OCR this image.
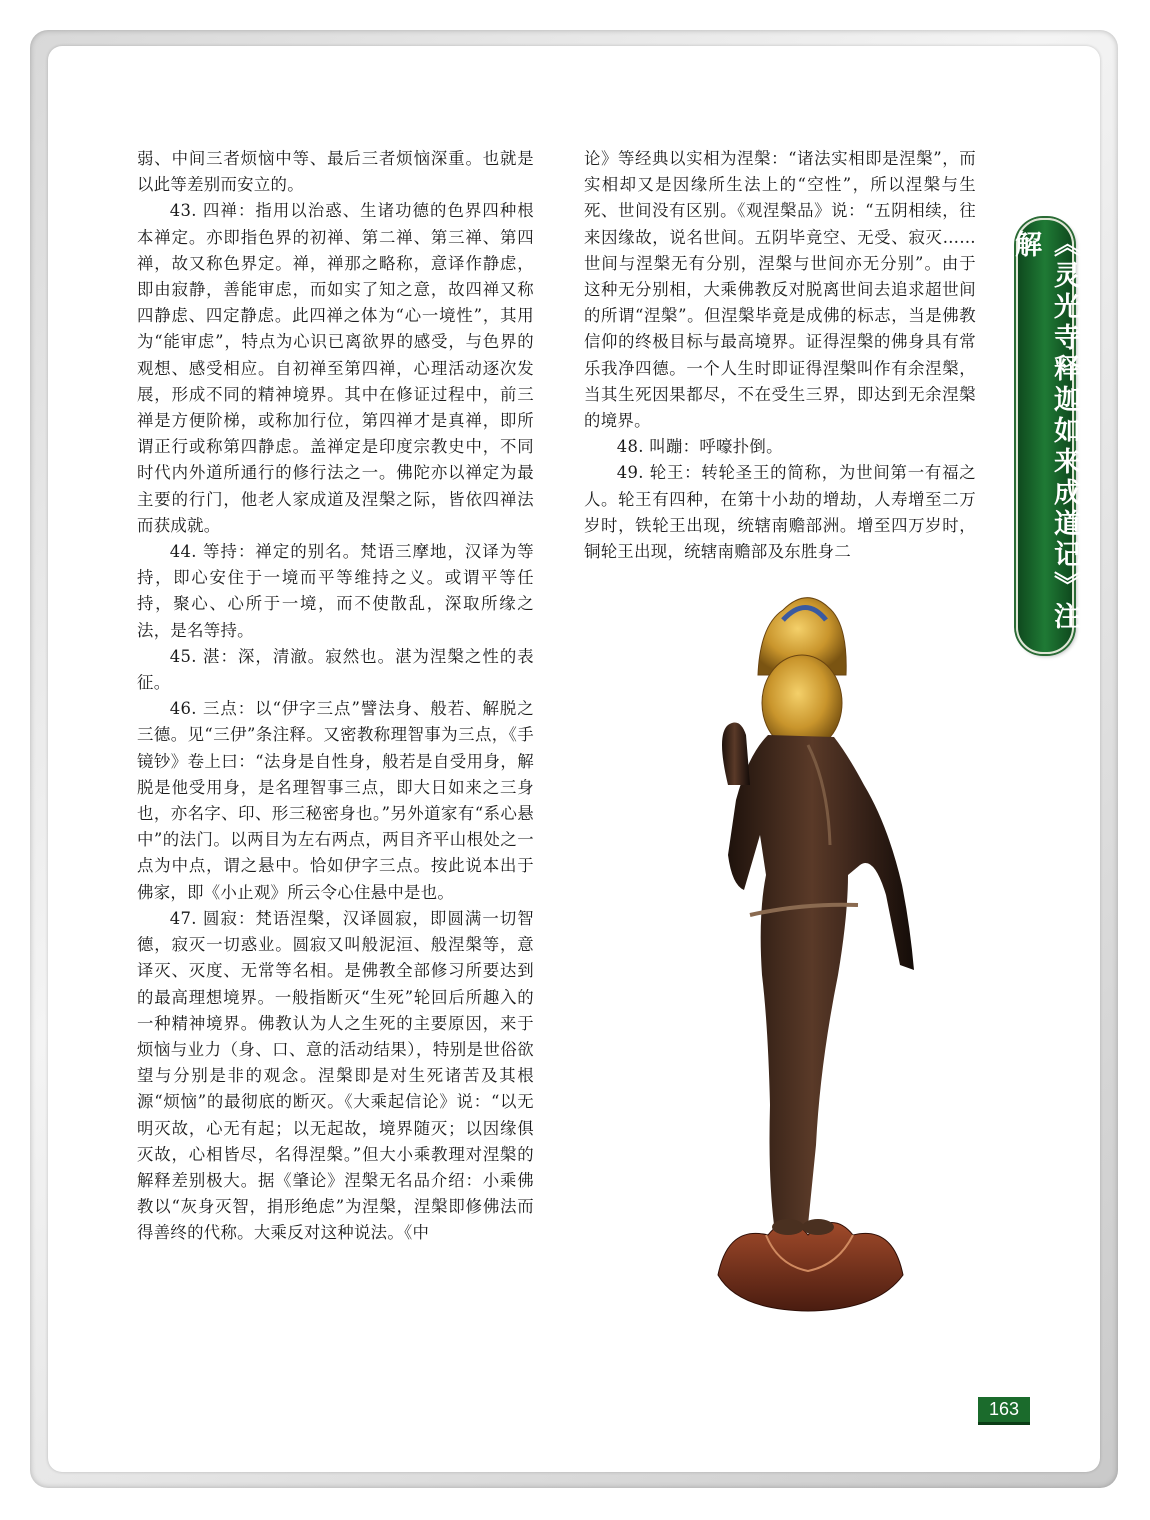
弱、中间三者烦恼中等、最后三者烦恼深重。也就是以此等差别而安立的。

43. 四禅：指用以治惑、生诸功德的色界四种根本禅定。亦即指色界的初禅、第二禅、第三禅、第四禅，故又称色界定。禅，禅那之略称，意译作静虑，即由寂静，善能审虑，而如实了知之意，故四禅又称四静虑、四定静虑。此四禅之体为“心一境性”，其用为“能审虑”，特点为心识已离欲界的感受，与色界的观想、感受相应。自初禅至第四禅，心理活动逐次发展，形成不同的精神境界。其中在修证过程中，前三禅是方便阶梯，或称加行位，第四禅才是真禅，即所谓正行或称第四静虑。盖禅定是印度宗教史中，不同时代内外道所通行的修行法之一。佛陀亦以禅定为最主要的行门，他老人家成道及涅槃之际，皆依四禅法而获成就。

44. 等持：禅定的别名。梵语三摩地，汉译为等持，即心安住于一境而平等维持之义。或谓平等任持，聚心、心所于一境，而不使散乱，深取所缘之法，是名等持。

45. 湛：深，清澈。寂然也。湛为涅槃之性的表征。

46. 三点：以“伊字三点”譬法身、般若、解脱之三德。见“三伊”条注释。又密教称理智事为三点，《手镜钞》卷上曰：“法身是自性身，般若是自受用身，解脱是他受用身，是名理智事三点，即大日如来之三身也，亦名字、印、形三秘密身也。”另外道家有“系心悬中”的法门。以两目为左右两点，两目齐平山根处之一点为中点，谓之悬中。恰如伊字三点。按此说本出于佛家，即《小止观》所云令心住悬中是也。

47. 圆寂：梵语涅槃，汉译圆寂，即圆满一切智德，寂灭一切惑业。圆寂又叫般泥洹、般涅槃等，意译灭、灭度、无常等名相。是佛教全部修习所要达到的最高理想境界。一般指断灭“生死”轮回后所趣入的一种精神境界。佛教认为人之生死的主要原因，来于烦恼与业力（身、口、意的活动结果），特别是世俗欲望与分别是非的观念。涅槃即是对生死诸苦及其根源“烦恼”的最彻底的断灭。《大乘起信论》说：“以无明灭故，心无有起；以无起故，境界随灭；以因缘俱灭故，心相皆尽，名得涅槃。”但大小乘教理对涅槃的解释差别极大。据《肇论》涅槃无名品介绍：小乘佛教以“灰身灭智，捐形绝虑”为涅槃，涅槃即修佛法而得善终的代称。大乘反对这种说法。《中

论》等经典以实相为涅槃：“诸法实相即是涅槃”，而实相却又是因缘所生法上的“空性”，所以涅槃与生死、世间没有区别。《观涅槃品》说：“五阴相续，往来因缘故，说名世间。五阴毕竟空、无受、寂灭……世间与涅槃无有分别，涅槃与世间亦无分别”。由于这种无分别相，大乘佛教反对脱离世间去追求超世间的所谓“涅槃”。但涅槃毕竟是成佛的标志，当是佛教信仰的终极目标与最高境界。证得涅槃的佛身具有常乐我净四德。一个人生时即证得涅槃叫作有余涅槃，当其生死因果都尽，不在受生三界，即达到无余涅槃的境界。

48. 叫蹦：呼嚎扑倒。

49. 轮王：转轮圣王的简称，为世间第一有福之人。轮王有四种，在第十小劫的增劫，人寿增至二万岁时，铁轮王出现，统辖南赡部洲。增至四万岁时，铜轮王出现，统辖南赡部及东胜身二	《灵光寺释迦如来成道记》注解
163
